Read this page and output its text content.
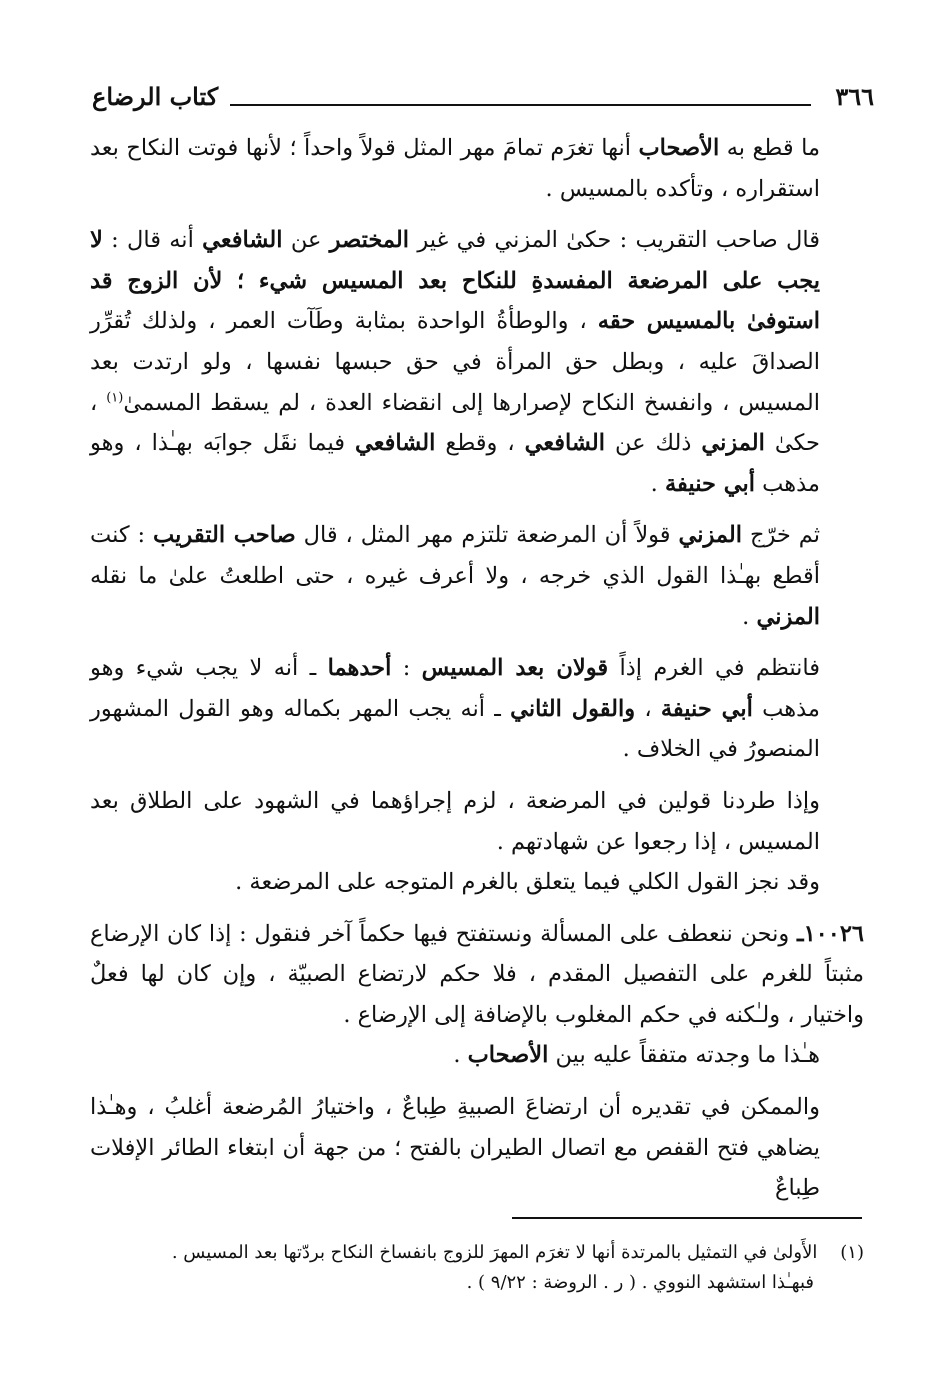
٣٦٦
كتاب الرضاع

ما قطع به الأصحاب أنها تغرَم تمامَ مهر المثل قولاً واحداً ؛ لأنها فوتت النكاح بعد استقراره ، وتأكده بالمسيس .

قال صاحب التقريب : حكىٰ المزني في غير المختصر عن الشافعي أنه قال : لا يجب على المرضعة المفسدةِ للنكاح بعد المسيس شيء ؛ لأن الزوج قد استوفىٰ بالمسيس حقه ، والوطأةُ الواحدة بمثابة وطَآت العمر ، ولذلك تُقرِّر الصداقَ عليه ، وبطل حق المرأة في حق حبسها نفسها ، ولو ارتدت بعد المسيس ، وانفسخ النكاح لإصرارها إلى انقضاء العدة ، لم يسقط المسمىٰ$^{(١)}$ ، حكىٰ المزني ذلك عن الشافعي ، وقطع الشافعي فيما نقَل جوابَه بهـٰذا ، وهو مذهب أبي حنيفة .

ثم خرّج المزني قولاً أن المرضعة تلتزم مهر المثل ، قال صاحب التقريب : كنت أقطع بهـٰذا القول الذي خرجه ، ولا أعرف غيره ، حتى اطلعتُ علىٰ ما نقله المزني .

فانتظم في الغرم إذاً قولان بعد المسيس : أحدهما ـ أنه لا يجب شيء وهو مذهب أبي حنيفة ، والقول الثاني ـ أنه يجب المهر بكماله وهو القول المشهور المنصورُ في الخلاف .

وإذا طردنا قولين في المرضعة ، لزم إجراؤهما في الشهود على الطلاق بعد المسيس ، إذا رجعوا عن شهادتهم .

وقد نجز القول الكلي فيما يتعلق بالغرم المتوجه على المرضعة .

١٠٠٢٦ـ ونحن ننعطف على المسألة ونستفتح فيها حكماً آخر فنقول : إذا كان الإرضاع مثبتاً للغرم على التفصيل المقدم ، فلا حكم لارتضاع الصبيّة ، وإن كان لها فعلٌ واختيار ، ولـٰكنه في حكم المغلوب بالإضافة إلى الإرضاع .

هـٰذا ما وجدته متفقاً عليه بين الأصحاب .

والممكن في تقديره أن ارتضاعَ الصبيةِ طِباعٌ ، واختيارُ المُرضعة أغلبُ ، وهـٰذا يضاهي فتح القفص مع اتصال الطيران بالفتح ؛ من جهة أن ابتغاء الطائر الإفلات طِباعٌ

(١)    الأَولىٰ في التمثيل بالمرتدة أنها لا تغرَم المهرَ للزوج بانفساخ النكاح بردّتها بعد المسيس .

فبهـٰذا استشهد النووي . ( ر . الروضة : ٩/٢٢ ) .
